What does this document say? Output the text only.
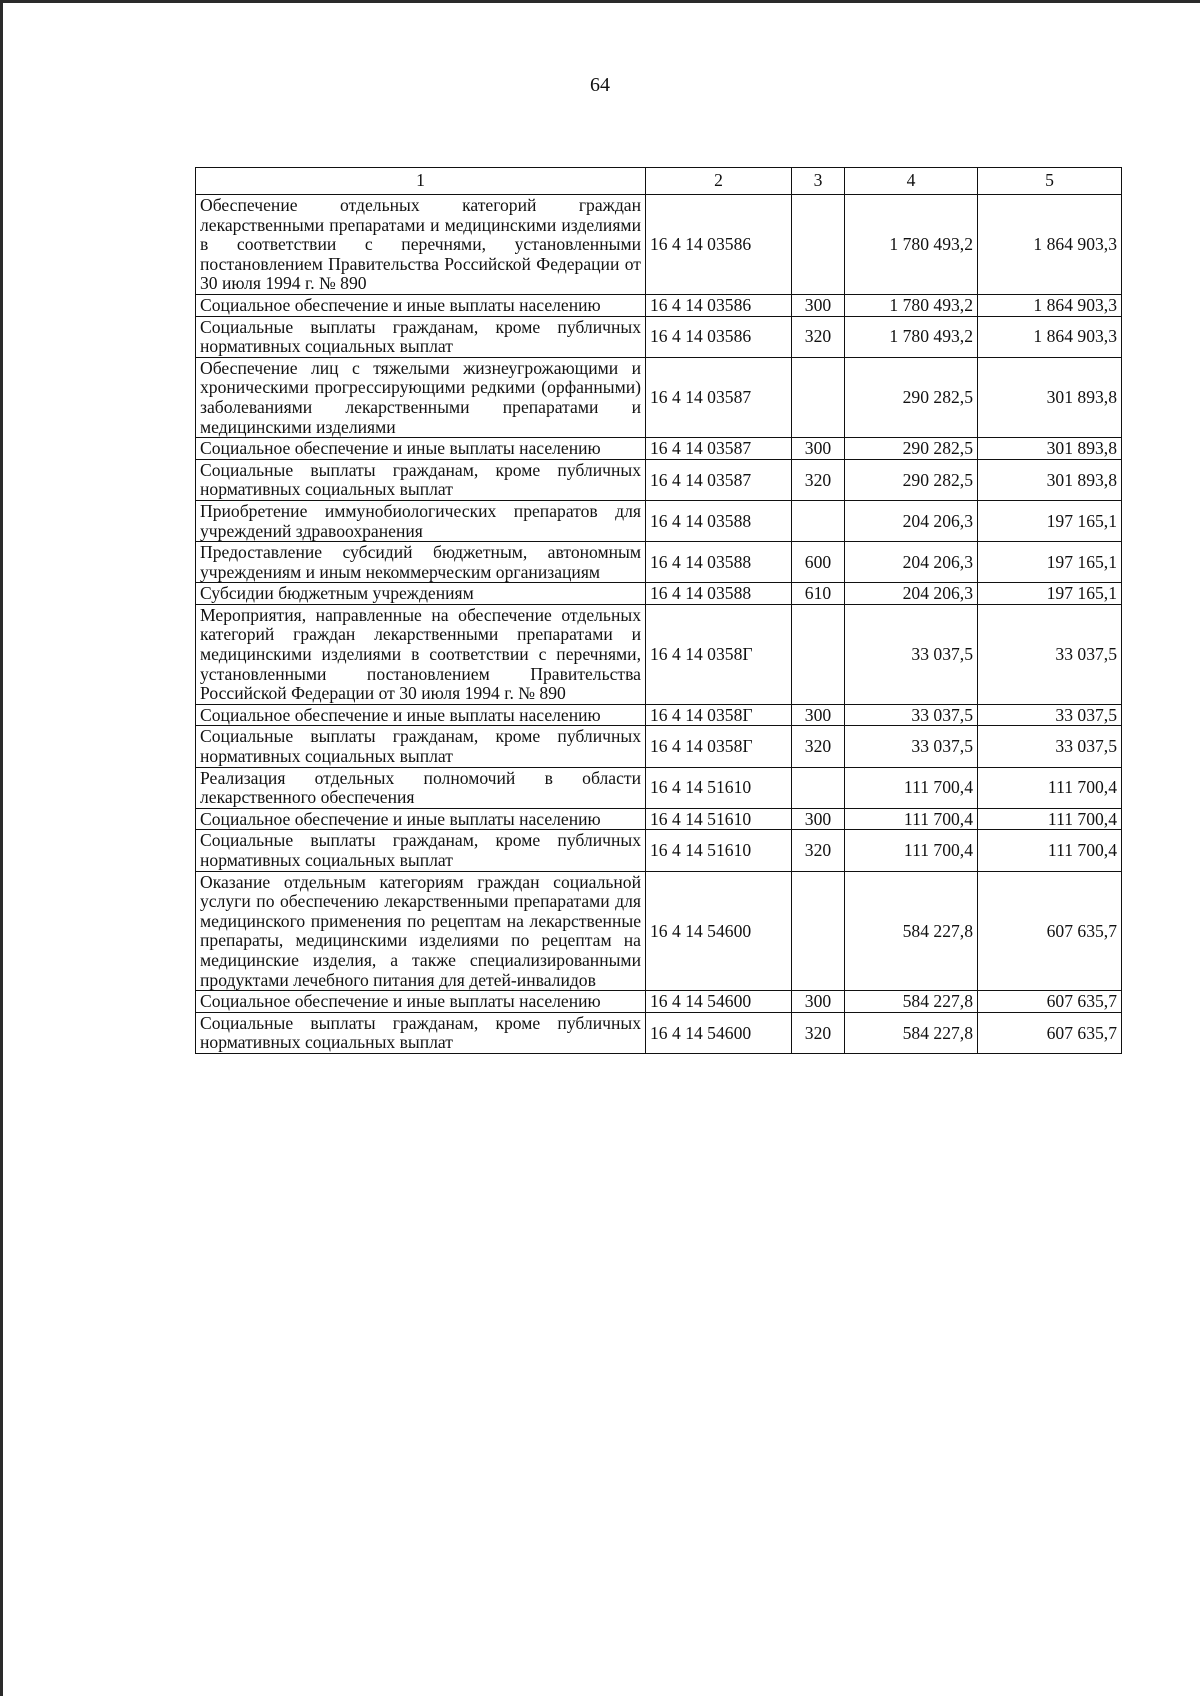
64
1	2	3	4	5
Обеспечение отдельных категорий граждан лекарственными препаратами и медицинскими изделиями в соответствии с перечнями, установленными постановлением Правительства Российской Федерации от 30 июля 1994 г. № 890	16 4 14 03586		1 780 493,2	1 864 903,3
Социальное обеспечение и иные выплаты населению	16 4 14 03586	300	1 780 493,2	1 864 903,3
Социальные выплаты гражданам, кроме публичных нормативных социальных выплат	16 4 14 03586	320	1 780 493,2	1 864 903,3
Обеспечение лиц с тяжелыми жизнеугрожающими и хроническими прогрессирующими редкими (орфанными) заболеваниями лекарственными препаратами и медицинскими изделиями	16 4 14 03587		290 282,5	301 893,8
Социальное обеспечение и иные выплаты населению	16 4 14 03587	300	290 282,5	301 893,8
Социальные выплаты гражданам, кроме публичных нормативных социальных выплат	16 4 14 03587	320	290 282,5	301 893,8
Приобретение иммунобиологических препаратов для учреждений здравоохранения	16 4 14 03588		204 206,3	197 165,1
Предоставление субсидий бюджетным, автономным учреждениям и иным некоммерческим организациям	16 4 14 03588	600	204 206,3	197 165,1
Субсидии бюджетным учреждениям	16 4 14 03588	610	204 206,3	197 165,1
Мероприятия, направленные на обеспечение отдельных категорий граждан лекарственными препаратами и медицинскими изделиями в соответствии с перечнями, установленными постановлением Правительства Российской Федерации от 30 июля 1994 г. № 890	16 4 14 0358Г		33 037,5	33 037,5
Социальное обеспечение и иные выплаты населению	16 4 14 0358Г	300	33 037,5	33 037,5
Социальные выплаты гражданам, кроме публичных нормативных социальных выплат	16 4 14 0358Г	320	33 037,5	33 037,5
Реализация отдельных полномочий в области лекарственного обеспечения	16 4 14 51610		111 700,4	111 700,4
Социальное обеспечение и иные выплаты населению	16 4 14 51610	300	111 700,4	111 700,4
Социальные выплаты гражданам, кроме публичных нормативных социальных выплат	16 4 14 51610	320	111 700,4	111 700,4
Оказание отдельным категориям граждан социальной услуги по обеспечению лекарственными препаратами для медицинского применения по рецептам на лекарственные препараты, медицинскими изделиями по рецептам на медицинские изделия, а также специализированными продуктами лечебного питания для детей-инвалидов	16 4 14 54600		584 227,8	607 635,7
Социальное обеспечение и иные выплаты населению	16 4 14 54600	300	584 227,8	607 635,7
Социальные выплаты гражданам, кроме публичных нормативных социальных выплат	16 4 14 54600	320	584 227,8	607 635,7
